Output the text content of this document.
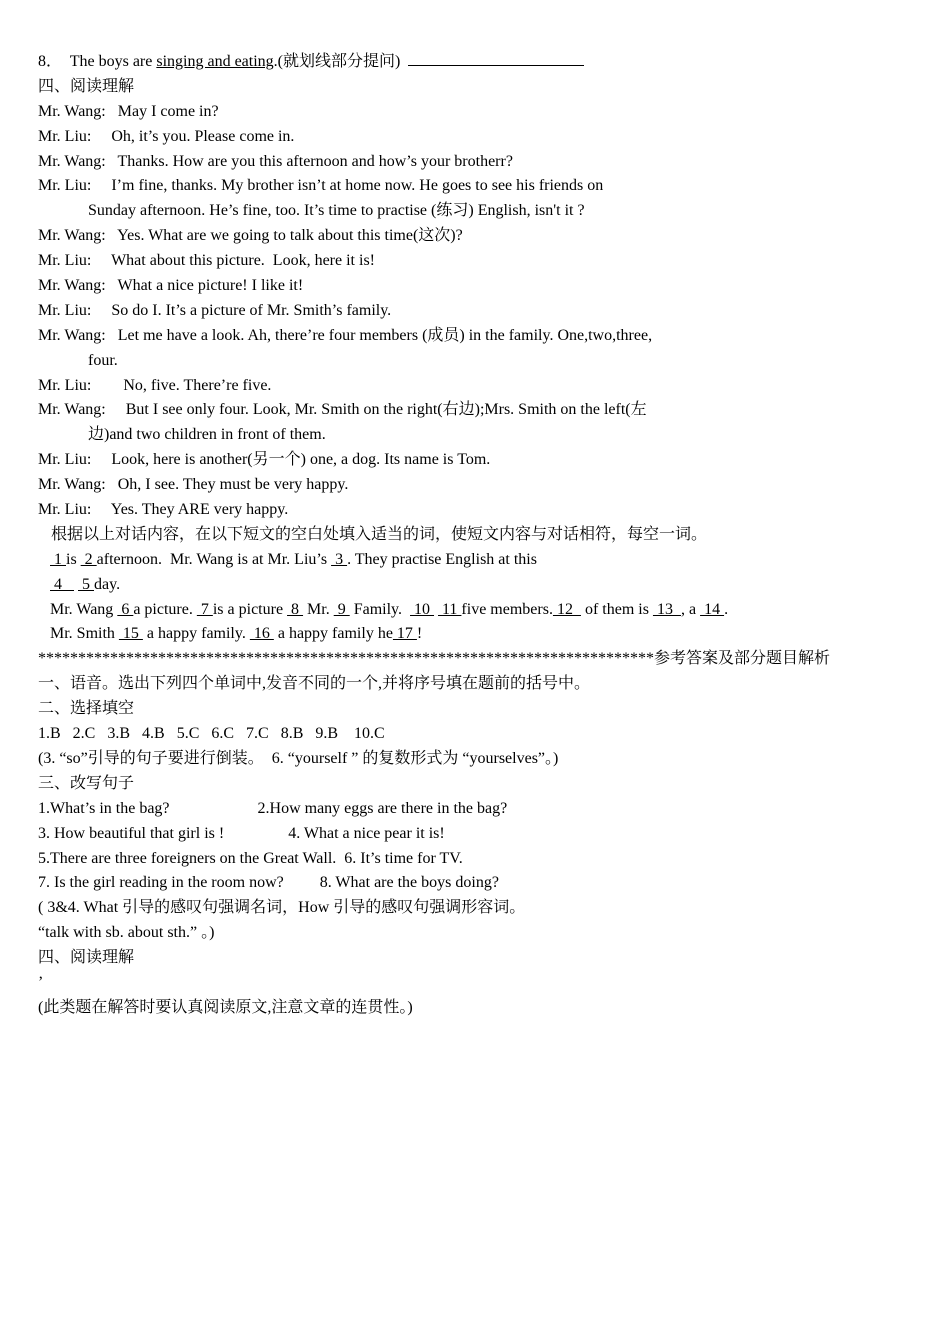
8．  The boys are singing and eating.(就划线部分提问)
四、阅读理解
Mr. Wang: May I come in?
Mr. Liu: Oh, it’s you. Please come in.
Mr. Wang: Thanks. How are you this afternoon and how’s your brotherr?
Mr. Liu: I’m fine, thanks. My brother isn’t at home now. He goes to see his friends on
Sunday afternoon. He’s fine, too. It’s time to practise (练习) English, isn't it ?
Mr. Wang: Yes. What are we going to talk about this time(这次)?
Mr. Liu: What about this picture.  Look, here it is!
Mr. Wang: What a nice picture! I like it!
Mr. Liu: So do I. It’s a picture of Mr. Smith’s family.
Mr. Wang: Let me have a look. Ah, there’re four members (成员) in the family. One,two,three,
four.
Mr. Liu: No, five. There’re five.
Mr. Wang: But I see only four. Look, Mr. Smith on the right(右边);Mrs. Smith on the left(左
边)and two children in front of them.
Mr. Liu: Look, here is another(另一个) one, a dog. Its name is Tom.
Mr. Wang: Oh, I see. They must be very happy.
Mr. Liu: Yes. They ARE very happy.
根据以上对话内容，在以下短文的空白处填入适当的词，使短文内容与对话相符，每空一词。
1 is  2 afternoon.  Mr. Wang is at Mr. Liu’s  3 . They practise English at this
4     5 day.
Mr. Wang  6 a picture.  7 is a picture  8  Mr.  9  Family.   10   11 five members. 12   of them is  13  , a  14 .
Mr. Smith  15  a happy family.  16  a happy family he 17 !
*****************************************************************************参考答案及部分题目解析
一、语音。选出下列四个单词中,发音不同的一个,并将序号填在题前的括号中。
二、选择填空
1.B   2.C   3.B   4.B   5.C   6.C   7.C   8.B   9.B    10.C
(3. “so”引导的句子要进行倒装。  6. “yourself ” 的复数形式为 “yourselves”。)
三、改写句子
1.What’s in the bag?                      2.How many eggs are there in the bag?
3. How beautiful that girl is !                4. What a nice pear it is!
5.There are three foreigners on the Great Wall.  6. It’s time for TV.
7. Is the girl reading in the room now?         8. What are the boys doing?
( 3&4. What 引导的感叹句强调名词，How 引导的感叹句强调形容词。
“talk with sb. about sth.” 。)
四、阅读理解
’
(此类题在解答时要认真阅读原文,注意文章的连贯性。)
